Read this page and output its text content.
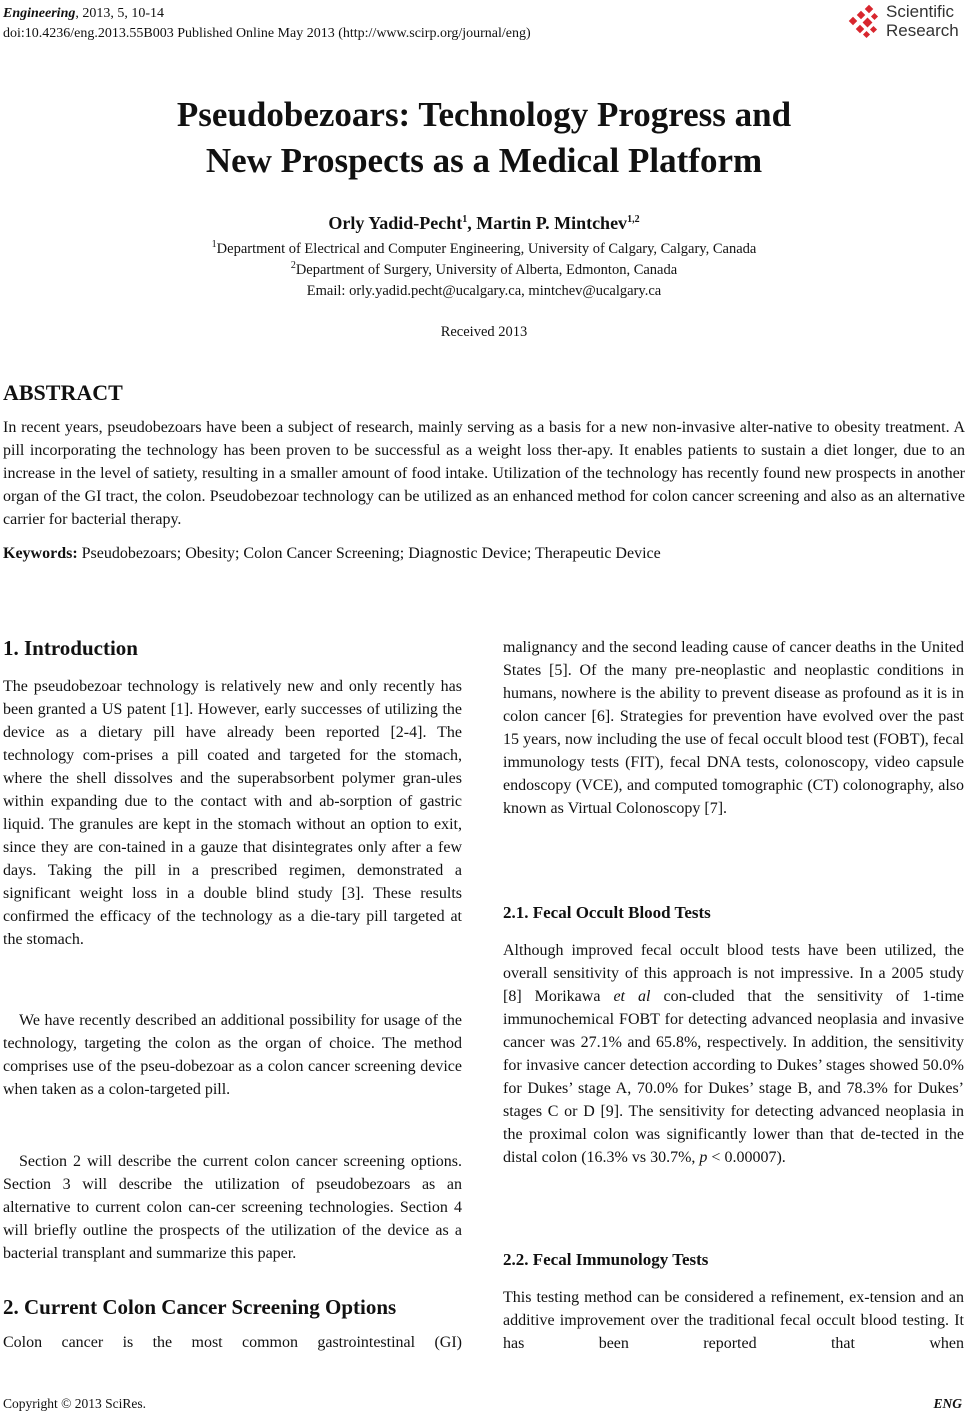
Engineering, 2013, 5, 10-14
doi:10.4236/eng.2013.55B003 Published Online May 2013 (http://www.scirp.org/journal/eng)
Scientific
Research
Pseudobezoars: Technology Progress and
New Prospects as a Medical Platform
Orly Yadid-Pecht$^1$, Martin P. Mintchev$^{1,2}$
$^1$Department of Electrical and Computer Engineering, University of Calgary, Calgary, Canada
$^2$Department of Surgery, University of Alberta, Edmonton, Canada
Email: orly.yadid.pecht@ucalgary.ca, mintchev@ucalgary.ca
Received 2013
ABSTRACT
In recent years, pseudobezoars have been a subject of research, mainly serving as a basis for a new non-invasive alter-native to obesity treatment. A pill incorporating the technology has been proven to be successful as a weight loss ther-apy. It enables patients to sustain a diet longer, due to an increase in the level of satiety, resulting in a smaller amount of food intake. Utilization of the technology has recently found new prospects in another organ of the GI tract, the colon. Pseudobezoar technology can be utilized as an enhanced method for colon cancer screening and also as an alternative carrier for bacterial therapy.
Keywords: Pseudobezoars; Obesity; Colon Cancer Screening; Diagnostic Device; Therapeutic Device
1. Introduction
The pseudobezoar technology is relatively new and only recently has been granted a US patent [1]. However, early successes of utilizing the device as a dietary pill have already been reported [2-4]. The technology com-prises a pill coated and targeted for the stomach, where the shell dissolves and the superabsorbent polymer gran-ules within expanding due to the contact with and ab-sorption of gastric liquid. The granules are kept in the stomach without an option to exit, since they are con-tained in a gauze that disintegrates only after a few days. Taking the pill in a prescribed regimen, demonstrated a significant weight loss in a double blind study [3]. These results confirmed the efficacy of the technology as a die-tary pill targeted at the stomach.
We have recently described an additional possibility for usage of the technology, targeting the colon as the organ of choice. The method comprises use of the pseu-dobezoar as a colon cancer screening device when taken as a colon-targeted pill.
Section 2 will describe the current colon cancer screening options. Section 3 will describe the utilization of pseudobezoars as an alternative to current colon can-cer screening technologies. Section 4 will briefly outline the prospects of the utilization of the device as a bacterial transplant and summarize this paper.
2. Current Colon Cancer Screening Options
Colon cancer is the most common gastrointestinal (GI)
malignancy and the second leading cause of cancer deaths in the United States [5]. Of the many pre-neoplastic and neoplastic conditions in humans, nowhere is the ability to prevent disease as profound as it is in colon cancer [6]. Strategies for prevention have evolved over the past 15 years, now including the use of fecal occult blood test (FOBT), fecal immunology tests (FIT), fecal DNA tests, colonoscopy, video capsule endoscopy (VCE), and computed tomographic (CT) colonography, also known as Virtual Colonoscopy [7].
2.1. Fecal Occult Blood Tests
Although improved fecal occult blood tests have been utilized, the overall sensitivity of this approach is not impressive. In a 2005 study [8] Morikawa et al con-cluded that the sensitivity of 1-time immunochemical FOBT for detecting advanced neoplasia and invasive cancer was 27.1% and 65.8%, respectively. In addition, the sensitivity for invasive cancer detection according to Dukes’ stages showed 50.0% for Dukes’ stage A, 70.0% for Dukes’ stage B, and 78.3% for Dukes’ stages C or D [9]. The sensitivity for detecting advanced neoplasia in the proximal colon was significantly lower than that de-tected in the distal colon (16.3% vs 30.7%, p < 0.00007).
2.2. Fecal Immunology Tests
This testing method can be considered a refinement, ex-tension and an additive improvement over the traditional fecal occult blood testing. It has been reported that when
Copyright © 2013 SciRes.	ENG
